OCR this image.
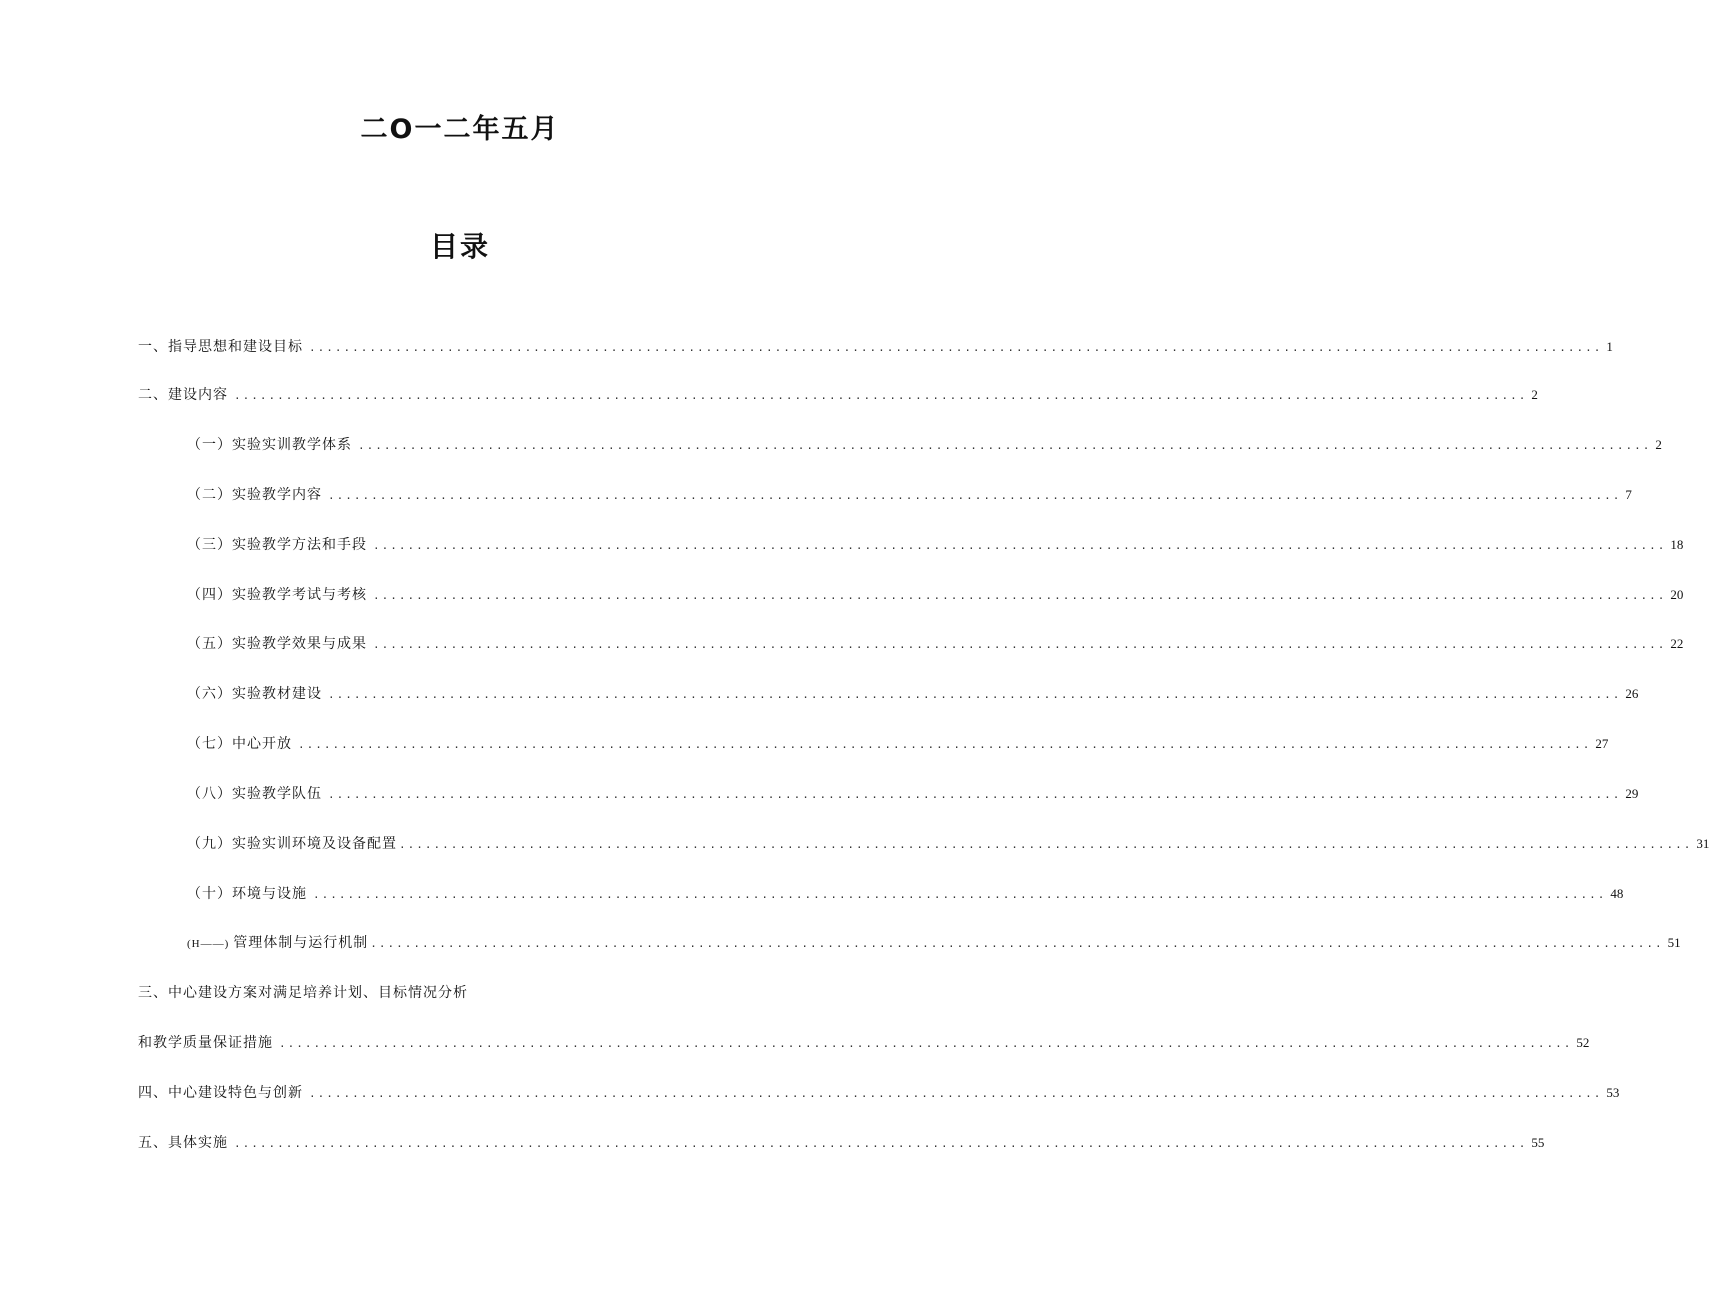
二O一二年五月
目录
一、指导思想和建设目标 ...................................................................................................................................................... 1
二、建设内容 ...................................................................................................................................................... 2
（一）实验实训教学体系 ...................................................................................................................................................... 2
（二）实验教学内容 ...................................................................................................................................................... 7
（三）实验教学方法和手段 ...................................................................................................................................................... 18
（四）实验教学考试与考核 ...................................................................................................................................................... 20
（五）实验教学效果与成果 ...................................................................................................................................................... 22
（六）实验教材建设 ...................................................................................................................................................... 26
（七）中心开放 ...................................................................................................................................................... 27
（八）实验教学队伍 ...................................................................................................................................................... 29
（九）实验实训环境及设备配置 ...................................................................................................................................................... 31
（十）环境与设施 ...................................................................................................................................................... 48
(H——) 管理体制与运行机制 ...................................................................................................................................................... 51
三、中心建设方案对满足培养计划、目标情况分析
和教学质量保证措施 ...................................................................................................................................................... 52
四、中心建设特色与创新 ...................................................................................................................................................... 53
五、具体实施 ...................................................................................................................................................... 55
